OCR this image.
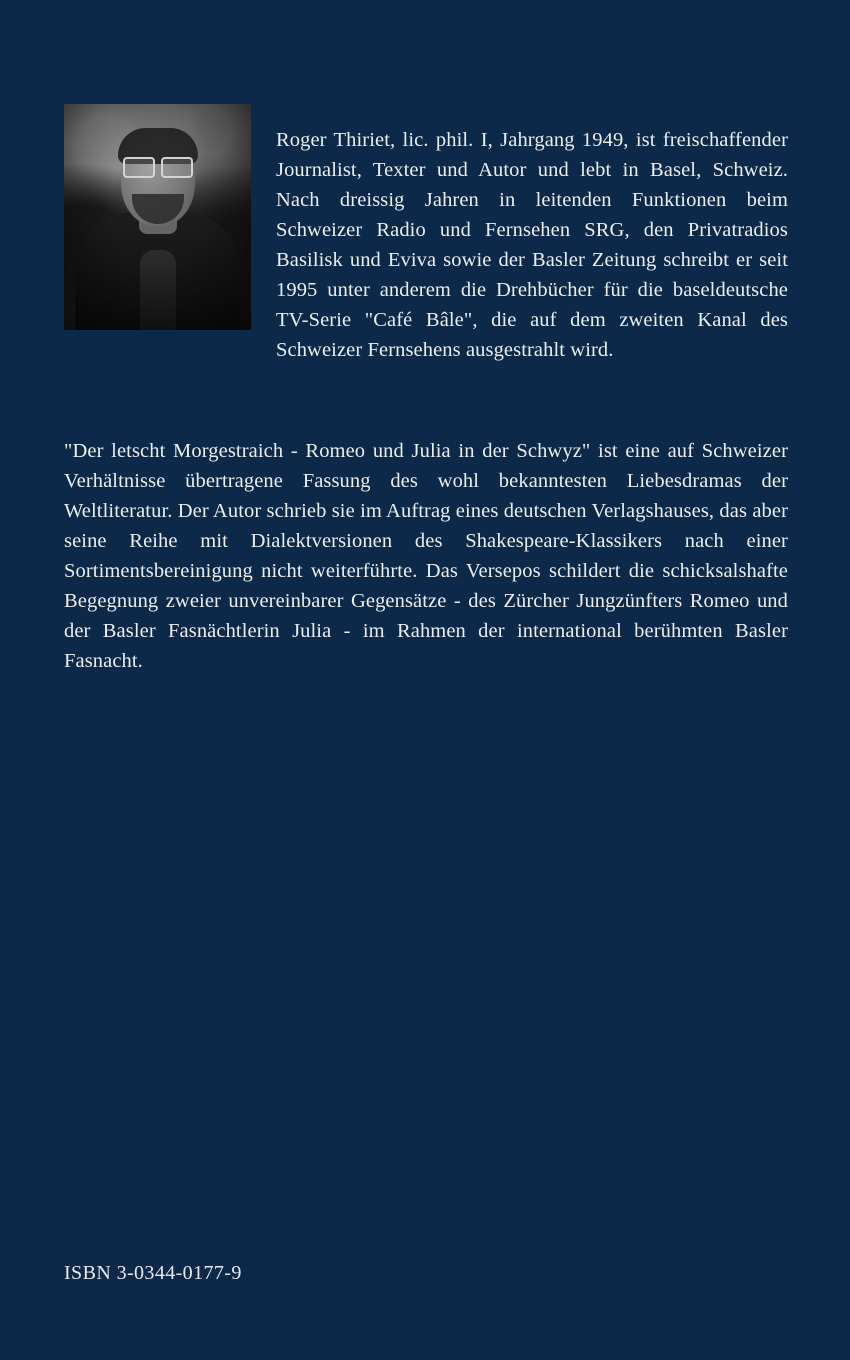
Roger Thiriet, lic. phil. I, Jahrgang 1949, ist freischaffender Journalist, Texter und Autor und lebt in Basel, Schweiz. Nach dreissig Jahren in leitenden Funktionen beim Schweizer Radio und Fernsehen SRG, den Privatradios Basilisk und Eviva sowie der Basler Zeitung schreibt er seit 1995 unter anderem die Drehbücher für die baseldeutsche TV-Serie "Café Bâle", die auf dem zweiten Kanal des Schweizer Fernsehens ausgestrahlt wird.

"Der letscht Morgestraich - Romeo und Julia in der Schwyz" ist eine auf Schweizer Verhältnisse übertragene Fassung des wohl bekanntesten Liebesdramas der Weltliteratur. Der Autor schrieb sie im Auftrag eines deutschen Verlagshauses, das aber seine Reihe mit Dialektversionen des Shakespeare-Klassikers nach einer Sortimentsbereinigung nicht weiterführte. Das Versepos schildert die schicksalshafte Begegnung zweier unvereinbarer Gegensätze - des Zürcher Jungzünfters Romeo und der Basler Fasnächtlerin Julia - im Rahmen der international berühmten Basler Fasnacht.

ISBN 3-0344-0177-9
